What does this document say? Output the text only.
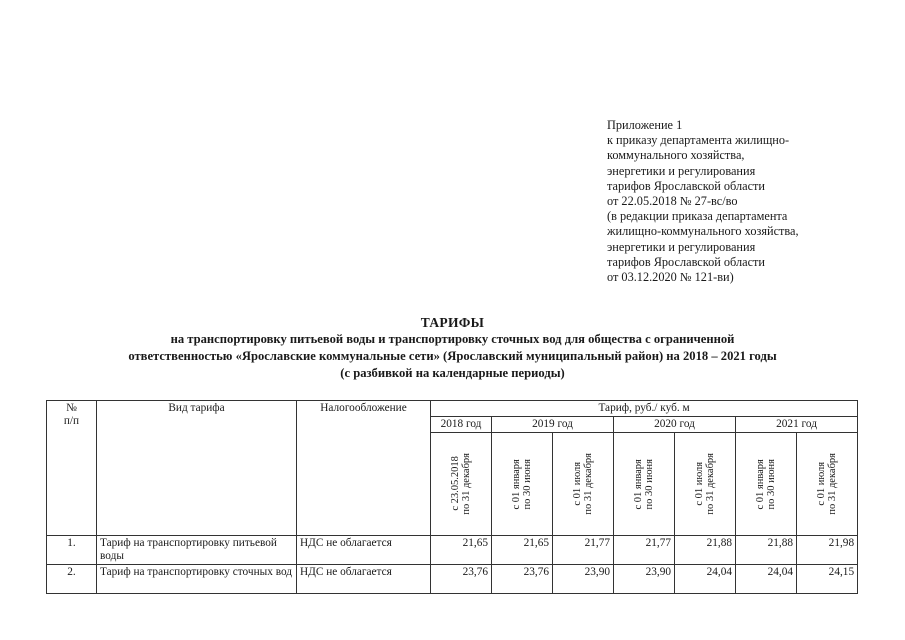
Приложение 1
к приказу департамента жилищно-
коммунального хозяйства,
энергетики и регулирования
тарифов Ярославской области
от 22.05.2018 № 27-вс/во
(в редакции приказа департамента
жилищно-коммунального хозяйства,
энергетики и регулирования
тарифов Ярославской области
от 03.12.2020 № 121-ви)
ТАРИФЫ
на транспортировку питьевой воды и транспортировку сточных вод для общества с ограниченной
ответственностью «Ярославские коммунальные сети» (Ярославский муниципальный район) на 2018 – 2021 годы
(с разбивкой на календарные периоды)
№
п/п	Вид тарифа	Налогообложение	Тариф, руб./ куб. м						
			2018 год	2019 год		2020 год		2021 год	

			с 23.05.2018
по 31 декабря	с 01 января
по 30 июня	с 01 июля
по 31 декабря	с 01 января
по 30 июня	с 01 июля
по 31 декабря	с 01 января
по 30 июня	с 01 июля
по 31 декабря

1.	Тариф на транспортировку питьевой воды	НДС не облагается	21,65	21,65	21,77	21,77	21,88	21,88	21,98
2.	Тариф на транспортировку сточных вод	НДС не облагается	23,76	23,76	23,90	23,90	24,04	24,04	24,15
